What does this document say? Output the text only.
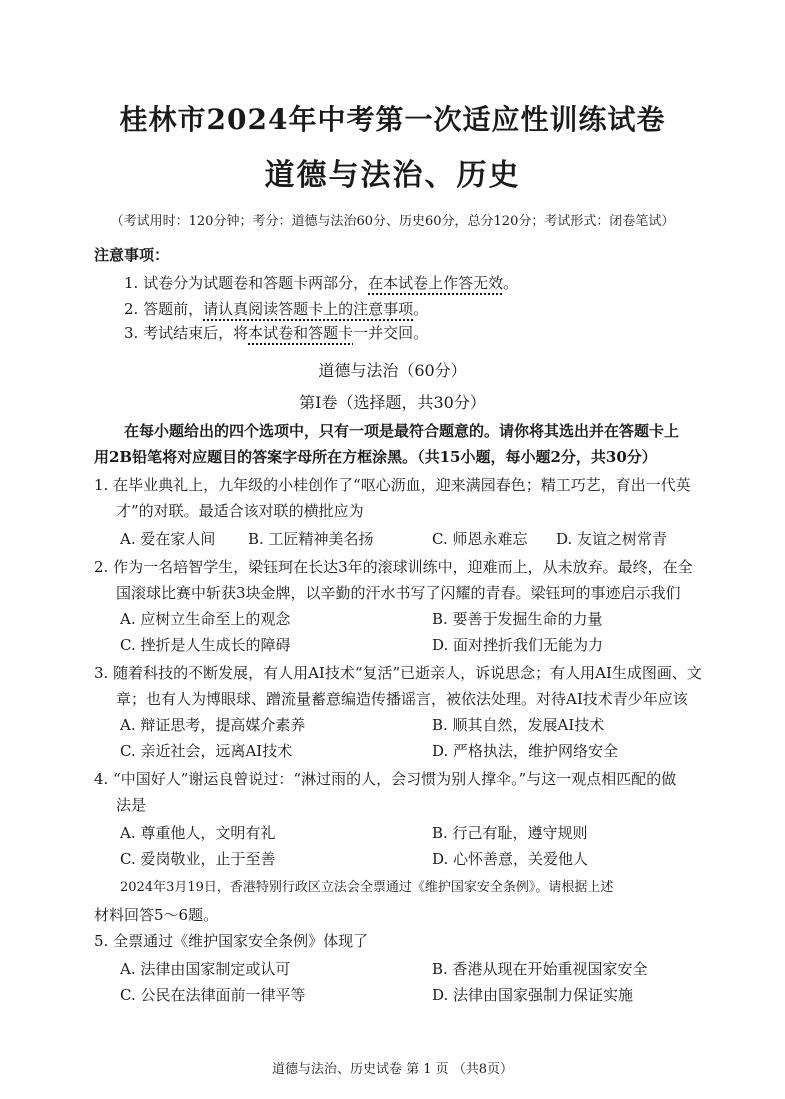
桂林市2024年中考第一次适应性训练试卷
道德与法治、历史
（考试用时：120分钟；考分：道德与法治60分、历史60分，总分120分；考试形式：闭卷笔试）
注意事项：
1. 试卷分为试题卷和答题卡两部分，在本试卷上作答无效。
2. 答题前，请认真阅读答题卡上的注意事项。
3. 考试结束后，将本试卷和答题卡一并交回。
道德与法治（60分）
第Ⅰ卷（选择题，共30分）
在每小题给出的四个选项中，只有一项是最符合题意的。请你将其选出并在答题卡上
用2B铅笔将对应题目的答案字母所在方框涂黑。（共15小题，每小题2分，共30分）
1. 在毕业典礼上，九年级的小桂创作了“呕心沥血，迎来满园春色；精工巧艺，育出一代英
才”的对联。最适合该对联的横批应为
A. 爱在家人间 B. 工匠精神美名扬	C. 师恩永难忘 D. 友谊之树常青
2. 作为一名培智学生，梁钰珂在长达3年的滚球训练中，迎难而上，从未放弃。最终，在全
国滚球比赛中斩获3块金牌，以辛勤的汗水书写了闪耀的青春。梁钰珂的事迹启示我们
A. 应树立生命至上的观念	B. 要善于发掘生命的力量
C. 挫折是人生成长的障碍	D. 面对挫折我们无能为力
3. 随着科技的不断发展，有人用AI技术“复活”已逝亲人，诉说思念；有人用AI生成图画、文
章；也有人为博眼球、蹭流量蓄意编造传播谣言，被依法处理。对待AI技术青少年应该
A. 辩证思考，提高媒介素养	B. 顺其自然，发展AI技术
C. 亲近社会，远离AI技术	D. 严格执法，维护网络安全
4. “中国好人”谢运良曾说过：“淋过雨的人，会习惯为别人撑伞。”与这一观点相匹配的做
法是
A. 尊重他人，文明有礼	B. 行己有耻，遵守规则
C. 爱岗敬业，止于至善	D. 心怀善意，关爱他人
2024年3月19日，香港特别行政区立法会全票通过《维护国家安全条例》。请根据上述
材料回答5～6题。
5. 全票通过《维护国家安全条例》体现了
A. 法律由国家制定或认可	B. 香港从现在开始重视国家安全
C. 公民在法律面前一律平等	D. 法律由国家强制力保证实施
道德与法治、历史试卷 第 1 页 （共8页）
